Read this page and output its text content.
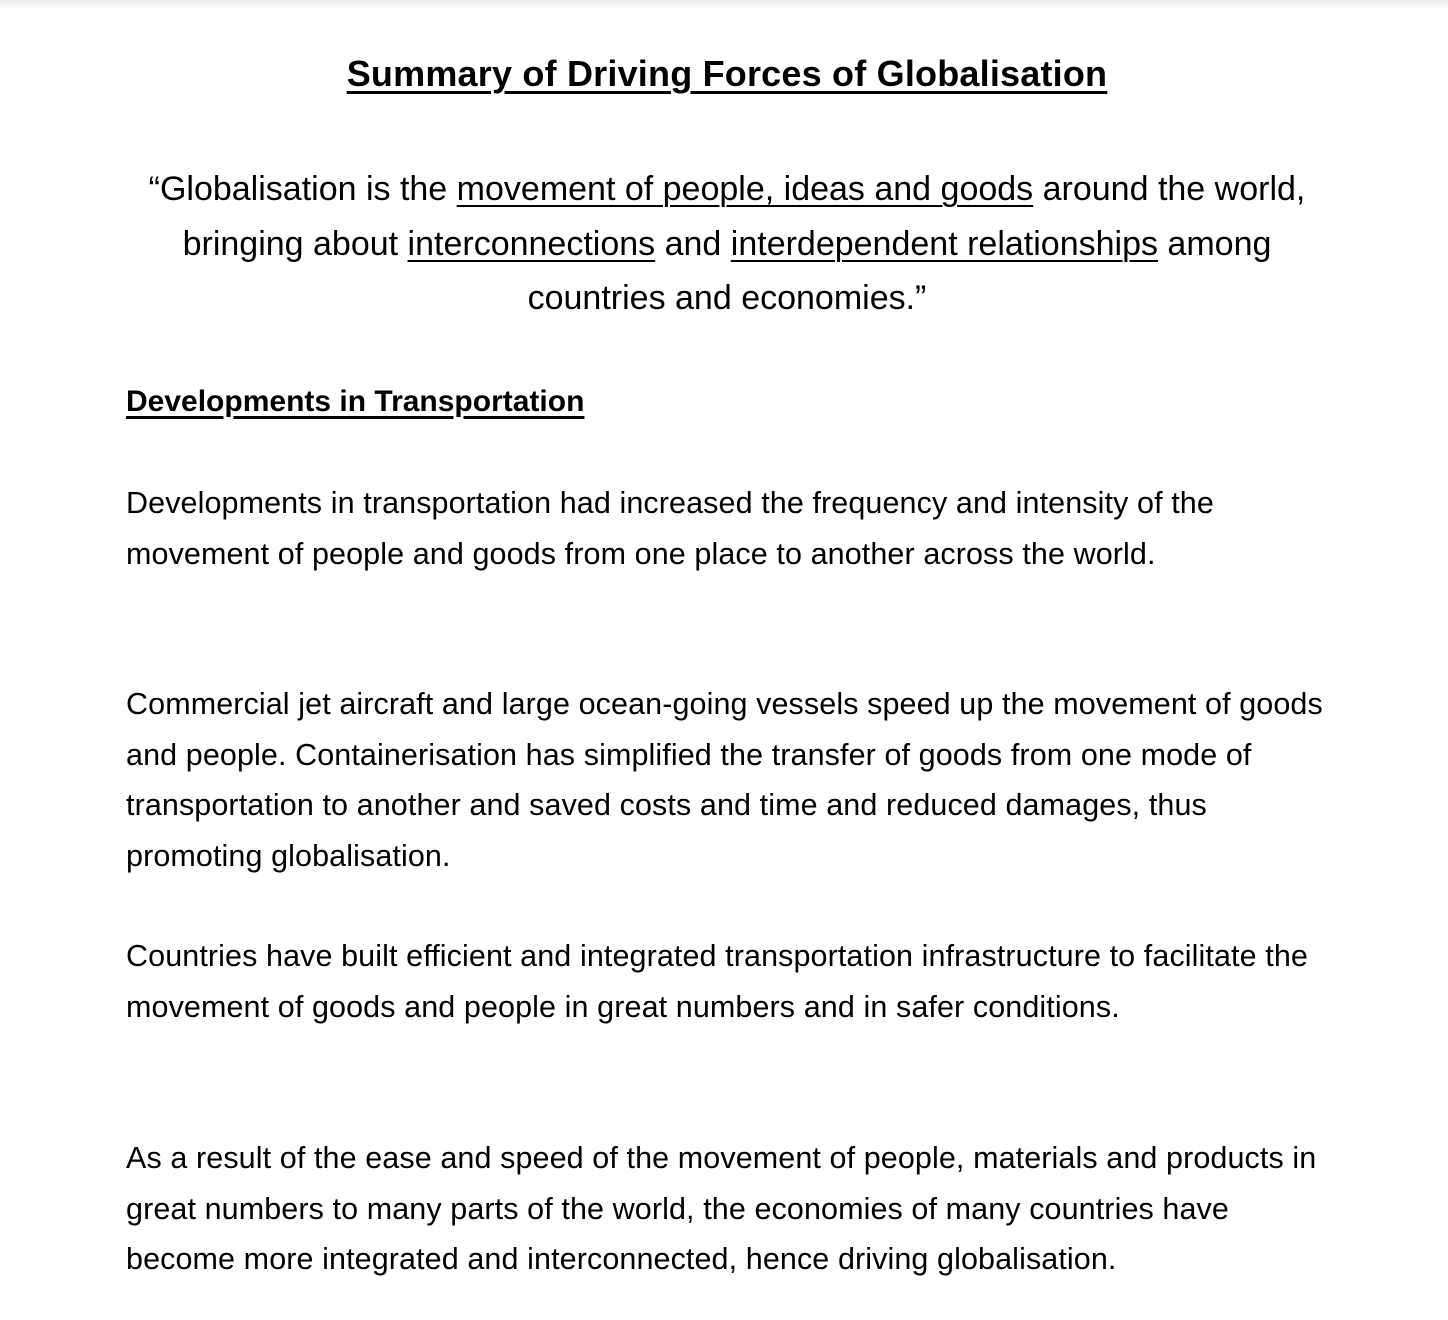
Summary of Driving Forces of Globalisation

“Globalisation is the movement of people, ideas and goods around the world, bringing about interconnections and interdependent relationships among countries and economies.”

Developments in Transportation

Developments in transportation had increased the frequency and intensity of the movement of people and goods from one place to another across the world.

Commercial jet aircraft and large ocean-going vessels speed up the movement of goods and people. Containerisation has simplified the transfer of goods from one mode of transportation to another and saved costs and time and reduced damages, thus promoting globalisation.

Countries have built efficient and integrated transportation infrastructure to facilitate the movement of goods and people in great numbers and in safer conditions.

As a result of the ease and speed of the movement of people, materials and products in great numbers to many parts of the world, the economies of many countries have become more integrated and interconnected, hence driving globalisation.
